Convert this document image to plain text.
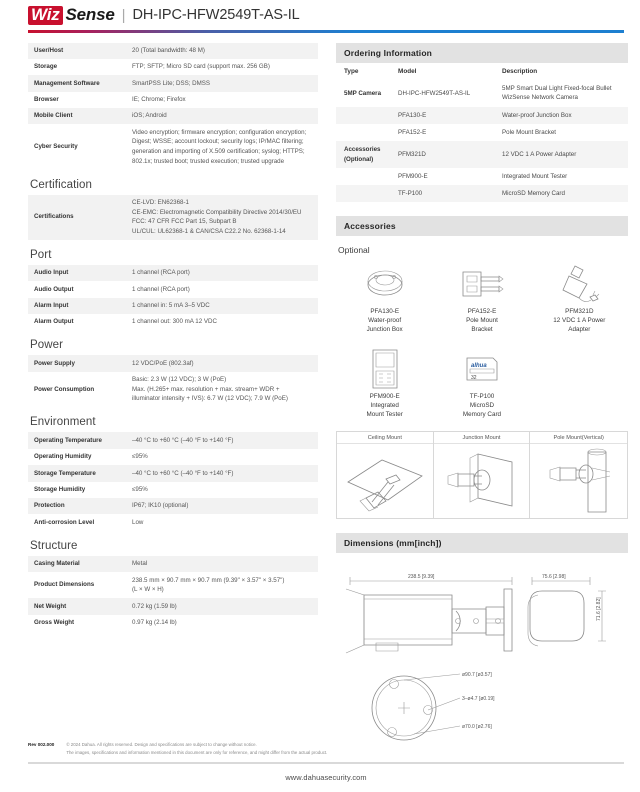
Wiz Sense | DH-IPC-HFW2549T-AS-IL
User/Host	20 (Total bandwidth: 48 M)
Storage	FTP; SFTP; Micro SD card (support max. 256 GB)
Management Software	SmartPSS Lite; DSS; DMSS
Browser	IE; Chrome; Firefox
Mobile Client	iOS; Android
Cyber Security	Video encryption; firmware encryption; configuration encryption; Digest; WSSE; account lockout; security logs; IP/MAC filtering; generation and importing of X.509 certification; syslog; HTTPS; 802.1x; trusted boot; trusted execution; trusted upgrade
Certification
Certifications	
CE-LVD: EN62368-1
CE-EMC: Electromagnetic Compatibility Directive 2014/30/EU
FCC: 47 CFR FCC Part 15, Subpart B
UL/CUL: UL62368-1 & CAN/CSA C22.2 No. 62368-1-14
Port
Audio Input	1 channel (RCA port)

Audio Output	1 channel (RCA port)

Alarm Input	1 channel in: 5 mA 3–5 VDC

Alarm Output	1 channel out: 300 mA 12 VDC
Power
Power Supply	12 VDC/PoE (802.3af)

Power Consumption	Basic: 2.3 W (12 VDC); 3 W (PoE)
Max. (H.265+ max. resolution + max. stream+ WDR +
illuminator intensity + IVS): 6.7 W (12 VDC); 7.9 W (PoE)
Environment
Operating Temperature	–40 °C to +60 °C (–40 °F to +140 °F)

Operating Humidity	≤95%

Storage Temperature	–40 °C to +60 °C (–40 °F to +140 °F)

Storage Humidity	≤95%

Protection	IP67; IK10 (optional)

Anti-corrosion Level	Low
Structure
Casing Material	Metal

Product Dimensions	238.5 mm × 90.7 mm × 90.7 mm (9.39" × 3.57" × 3.57")
(L × W × H)

Net Weight	0.72 kg (1.59 lb)

Gross Weight	0.97 kg (2.14 lb)
Ordering Information
Type	Model	Description
5MP Camera	DH-IPC-HFW2549T-AS-IL	5MP Smart Dual Light Fixed-focal Bullet WizSense Network Camera
	PFA130-E	Water-proof Junction Box
	PFA152-E	Pole Mount Bracket
Accessories (Optional)	PFM321D	12 VDC 1 A Power Adapter
	PFM900-E	Integrated Mount Tester
	TF-P100	MicroSD Memory Card
Accessories
Optional
PFA130-E
Water-proof
Junction Box
PFA152-E
Pole Mount
Bracket
PFM321D
12 VDC 1 A Power
Adapter
PFM900-E
Integrated
Mount Tester
alhua
32
TF-P100
MicroSD
Memory Card
Ceiling Mount	Junction Mount	Pole Mount(Vertical)
Dimensions (mm[inch])
238.5 [9.39]	75.6 [2.98]
71.6 [2.82]
ø90.7 [ø3.57]
3–ø4.7 [ø0.19]
ø70.0 [ø2.76]
Rev 002.000	© 2024 Dahua. All rights reserved. Design and specifications are subject to change without notice.
The images, specifications and information mentioned in this document are only for reference, and might differ from the actual product.
www.dahuasecurity.com
